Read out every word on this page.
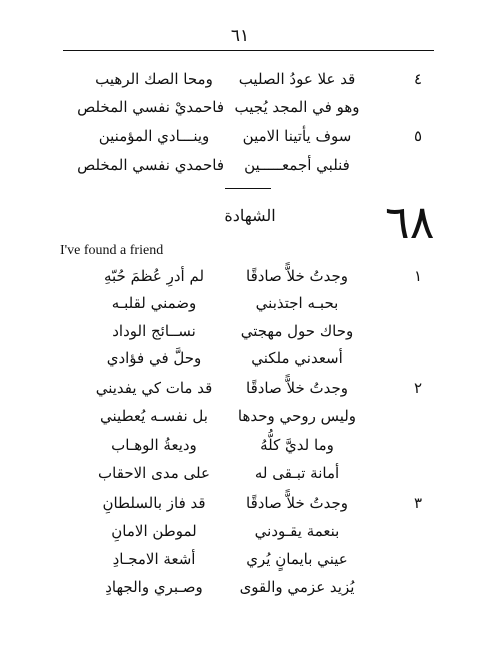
٦١
٤
قد علا عودُ الصليب
ومحا الصك الرهيب
وهو في المجد يُجيب
فاحمديْ نفسي المخلص
٥
سوف يأتينا الامين
وينـــادي المؤمنين
فنلبي أجمعـــــين
فاحمدي نفسي المخلص
٦٨
الشهادة
I've found a friend
١
وجدتُ خلاًّ صادقًا
لم أدرِ عُظمَ حُبّهِ
بحبـه اجتذبني
وضمني لقلبـه
وحاك حول مهجتي
نســائج الوداد
أسعدني ملكني
وحلَّ في فؤادي
٢
وجدتُ خلاًّ صادقًا
قد مات كي يفديني
وليس روحي وحدها
بل نفسـه يُعطيني
وما لديَّ كلُّهُ
وديعةُ الوهـاب
أمانة تبـقى له
على مدى الاحقاب
٣
وجدتُ خلاًّ صادقًا
قد فاز بالسلطانِ
بنعمة يقـودني
لموطن الامانِ
عيني بايمانٍ يُري
أشعة الامجـادِ
يُزيد عزمي والقوى
وصـبري والجهادِ
